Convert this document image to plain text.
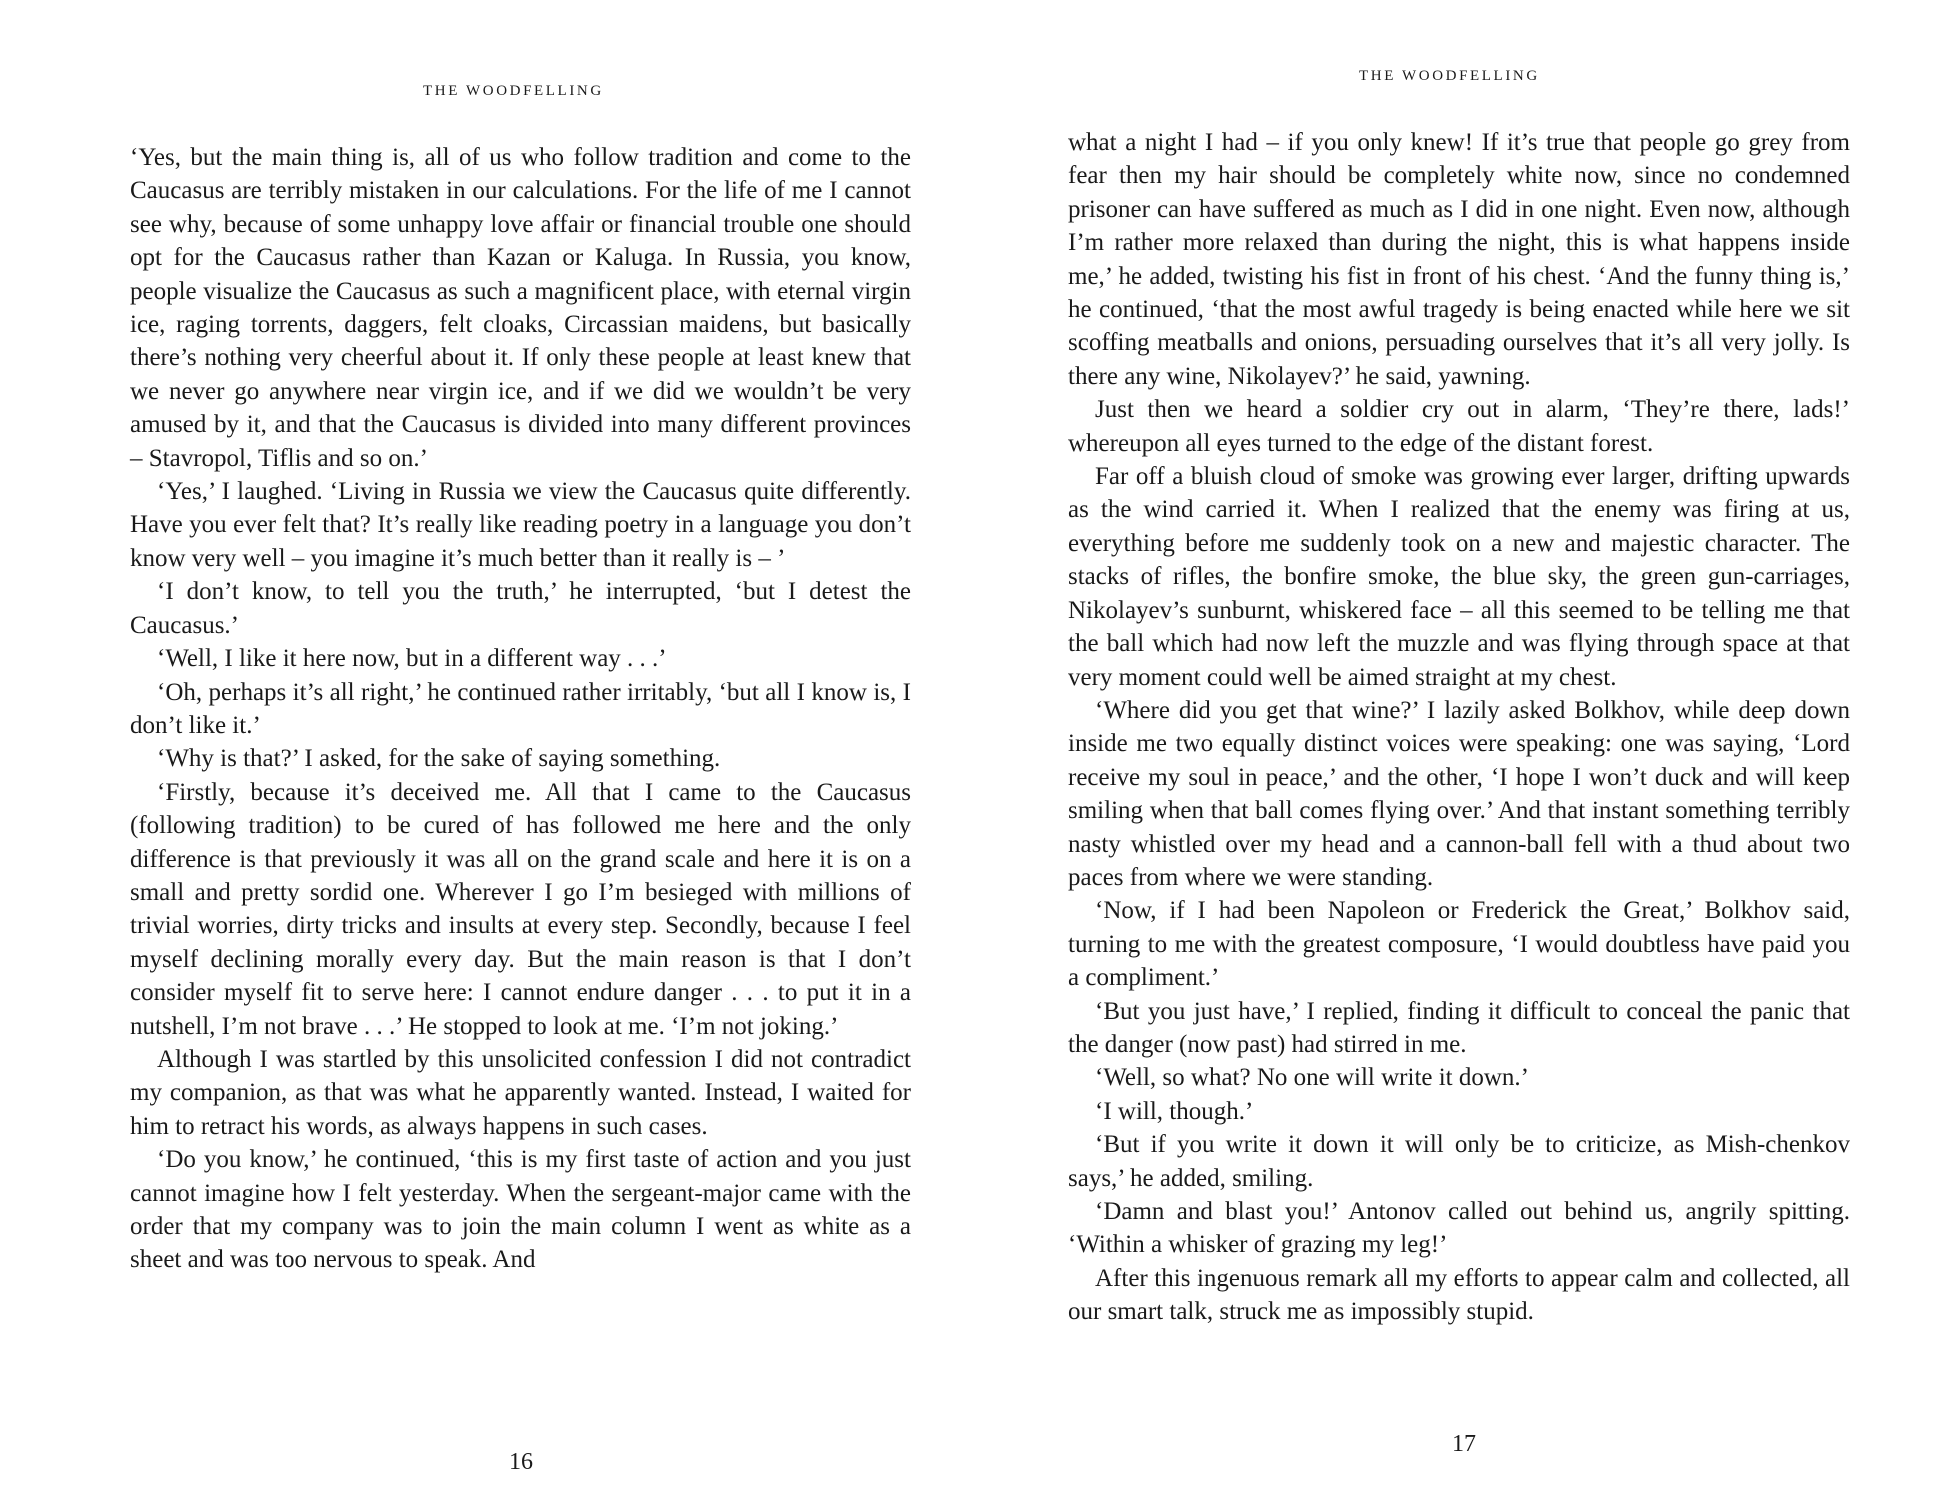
THE WOODFELLING

‘Yes, but the main thing is, all of us who follow tradition and come to the Caucasus are terribly mistaken in our calculations. For the life of me I cannot see why, because of some unhappy love affair or financial trouble one should opt for the Caucasus rather than Kazan or Kaluga. In Russia, you know, people visualize the Caucasus as such a magnificent place, with eternal virgin ice, raging torrents, daggers, felt cloaks, Circassian maidens, but basically there’s nothing very cheerful about it. If only these people at least knew that we never go anywhere near virgin ice, and if we did we wouldn’t be very amused by it, and that the Caucasus is divided into many different provinces – Stavropol, Tiflis and so on.’

‘Yes,’ I laughed. ‘Living in Russia we view the Caucasus quite differently. Have you ever felt that? It’s really like reading poetry in a language you don’t know very well – you imagine it’s much better than it really is – ’

‘I don’t know, to tell you the truth,’ he interrupted, ‘but I detest the Caucasus.’

‘Well, I like it here now, but in a different way . . .’

‘Oh, perhaps it’s all right,’ he continued rather irritably, ‘but all I know is, I don’t like it.’

‘Why is that?’ I asked, for the sake of saying something.

‘Firstly, because it’s deceived me. All that I came to the Caucasus (following tradition) to be cured of has followed me here and the only difference is that previously it was all on the grand scale and here it is on a small and pretty sordid one. Wherever I go I’m besieged with millions of trivial worries, dirty tricks and insults at every step. Secondly, because I feel myself declining morally every day. But the main reason is that I don’t consider myself fit to serve here: I cannot endure danger . . . to put it in a nutshell, I’m not brave . . .’ He stopped to look at me. ‘I’m not joking.’

Although I was startled by this unsolicited confession I did not contradict my companion, as that was what he apparently wanted. Instead, I waited for him to retract his words, as always happens in such cases.

‘Do you know,’ he continued, ‘this is my first taste of action and you just cannot imagine how I felt yesterday. When the sergeant-major came with the order that my company was to join the main column I went as white as a sheet and was too nervous to speak. And

16
THE WOODFELLING

what a night I had – if you only knew! If it’s true that people go grey from fear then my hair should be completely white now, since no condemned prisoner can have suffered as much as I did in one night. Even now, although I’m rather more relaxed than during the night, this is what happens inside me,’ he added, twisting his fist in front of his chest. ‘And the funny thing is,’ he continued, ‘that the most awful tragedy is being enacted while here we sit scoffing meatballs and onions, persuading ourselves that it’s all very jolly. Is there any wine, Nikolayev?’ he said, yawning.

Just then we heard a soldier cry out in alarm, ‘They’re there, lads!’ whereupon all eyes turned to the edge of the distant forest.

Far off a bluish cloud of smoke was growing ever larger, drifting upwards as the wind carried it. When I realized that the enemy was firing at us, everything before me suddenly took on a new and majestic character. The stacks of rifles, the bonfire smoke, the blue sky, the green gun-carriages, Nikolayev’s sunburnt, whiskered face – all this seemed to be telling me that the ball which had now left the muzzle and was flying through space at that very moment could well be aimed straight at my chest.

‘Where did you get that wine?’ I lazily asked Bolkhov, while deep down inside me two equally distinct voices were speaking: one was saying, ‘Lord receive my soul in peace,’ and the other, ‘I hope I won’t duck and will keep smiling when that ball comes flying over.’ And that instant something terribly nasty whistled over my head and a cannon-ball fell with a thud about two paces from where we were standing.

‘Now, if I had been Napoleon or Frederick the Great,’ Bolkhov said, turning to me with the greatest composure, ‘I would doubtless have paid you a compliment.’

‘But you just have,’ I replied, finding it difficult to conceal the panic that the danger (now past) had stirred in me.

‘Well, so what? No one will write it down.’

‘I will, though.’

‘But if you write it down it will only be to criticize, as Mish-chenkov says,’ he added, smiling.

‘Damn and blast you!’ Antonov called out behind us, angrily spitting. ‘Within a whisker of grazing my leg!’

After this ingenuous remark all my efforts to appear calm and collected, all our smart talk, struck me as impossibly stupid.

17
